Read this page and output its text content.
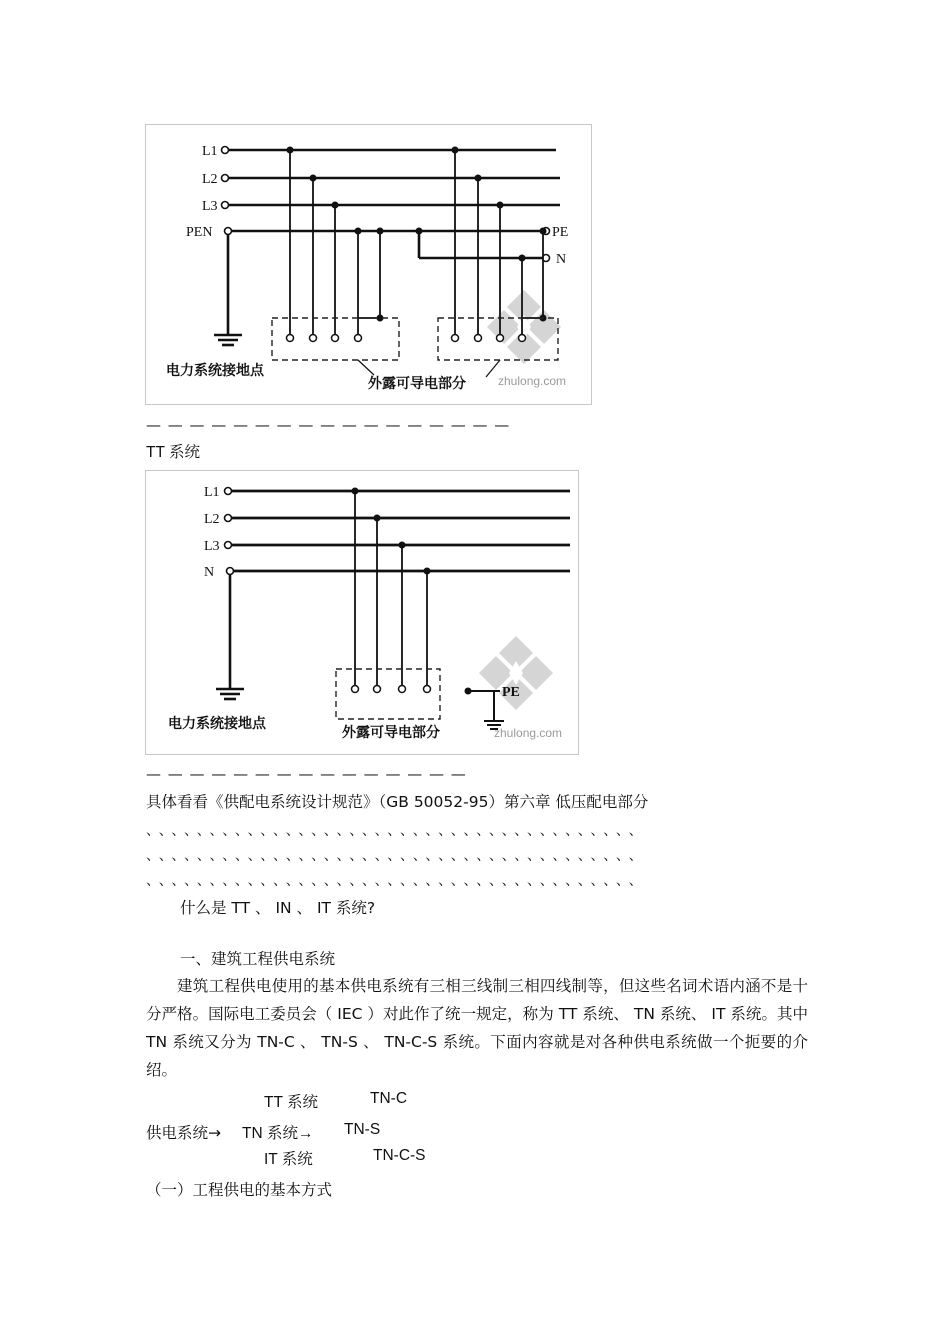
zhulong.com
L1
L2
L3
PEN	PE
N
电力系统接地点
外露可导电部分
— — — — — — — — — — — — — — — — —
TT 系统
zhulong.com
L1
L2
L3
N
PE
电力系统接地点
外露可导电部分
— — — — — — — — — — — — — — —
具体看看《供配电系统设计规范》（GB 50052-95）第六章 低压配电部分
、、、、、、、、、、、、、、、、、、、、、、、、、、、、、、、、、、、、、、、
、、、、、、、、、、、、、、、、、、、、、、、、、、、、、、、、、、、、、、、
、、、、、、、、、、、、、、、、、、、、、、、、、、、、、、、、、、、、、、、
什么是 TT 、 IN 、 IT 系统?
一、建筑工程供电系统
建筑工程供电使用的基本供电系统有三相三线制三相四线制等，但这些名词术语内涵不是十分严格。国际电工委员会（ IEC ）对此作了统一规定，称为 TT 系统、 TN 系统、 IT 系统。其中 TN 系统又分为 TN-C 、 TN-S 、 TN-C-S 系统。下面内容就是对各种供电系统做一个扼要的介绍。
TT 系统	TN-C
供电系统→ TN 系统→ TN-S
IT 系统	TN-C-S
（一）工程供电的基本方式
